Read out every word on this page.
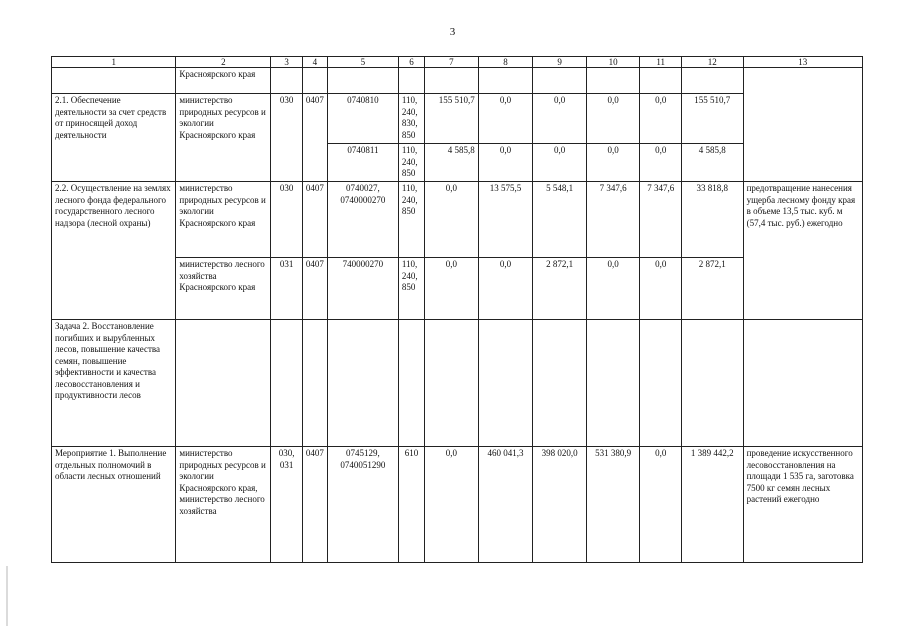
3
1	2	3	4	5	6	7	8	9	10	11	12	13
	Красноярского края											
2.1. Обеспечение деятельности за счет средств от приносящей доход деятельности	министерство природных ресурсов и экологии Красноярского края	030	0407	0740810	110, 240, 830, 850	155 510,7	0,0	0,0	0,0	0,0	155 510,7	
				0740811	110, 240, 850	4 585,8	0,0	0,0	0,0	0,0	4 585,8	
2.2. Осуществление на землях лесного фонда федерального государственного лесного надзора (лесной охраны)	министерство природных ресурсов и экологии Красноярского края	030	0407	0740027, 0740000270	110, 240, 850	0,0	13 575,5	5 548,1	7 347,6	7 347,6	33 818,8	предотвращение нанесения ущерба лесному фонду края в объеме 13,5 тыс. куб. м (57,4 тыс. руб.) ежегодно
	министерство лесного хозяйства Красноярского края	031	0407	740000270	110, 240, 850	0,0	0,0	2 872,1	0,0	0,0	2 872,1	
Задача 2. Восстановление погибших и вырубленных лесов, повышение качества семян, повышение эффективности и качества лесовосстановления и продуктивности лесов												
Мероприятие 1. Выполнение отдельных полномочий в области лесных отношений	министерство природных ресурсов и экологии Красноярского края, министерство лесного хозяйства	030, 031	0407	0745129, 0740051290	610	0,0	460 041,3	398 020,0	531 380,9	0,0	1 389 442,2	проведение искусственного лесовосстановления на площади 1 535 га, заготовка 7500 кг семян лесных растений ежегодно
